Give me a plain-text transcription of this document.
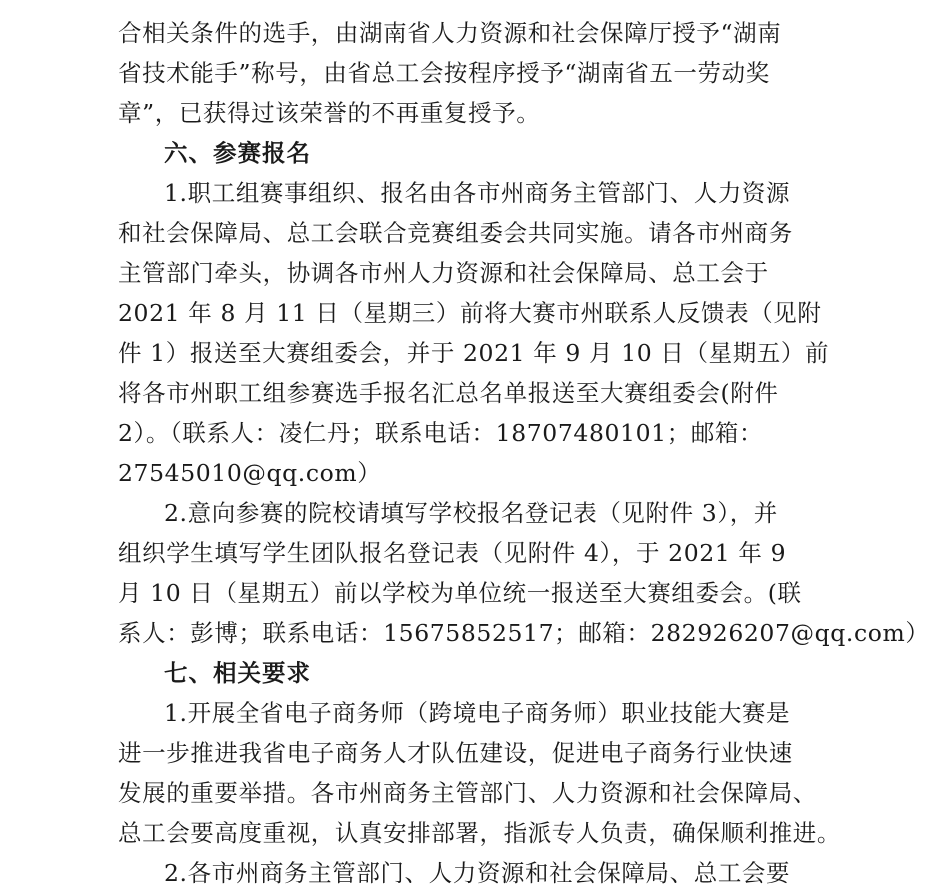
合相关条件的选手，由湖南省人力资源和社会保障厅授予“湖南
省技术能手”称号，由省总工会按程序授予“湖南省五一劳动奖
章”，已获得过该荣誉的不再重复授予。
六、参赛报名
1.职工组赛事组织、报名由各市州商务主管部门、人力资源
和社会保障局、总工会联合竞赛组委会共同实施。请各市州商务
主管部门牵头，协调各市州人力资源和社会保障局、总工会于
2021 年 8 月 11 日（星期三）前将大赛市州联系人反馈表（见附
件 1）报送至大赛组委会，并于 2021 年 9 月 10 日（星期五）前
将各市州职工组参赛选手报名汇总名单报送至大赛组委会(附件
2）。（联系人：凌仁丹；联系电话：18707480101；邮箱：
27545010@qq.com）
2.意向参赛的院校请填写学校报名登记表（见附件 3），并
组织学生填写学生团队报名登记表（见附件 4），于 2021 年 9
月 10 日（星期五）前以学校为单位统一报送至大赛组委会。(联
系人：彭博；联系电话：15675852517；邮箱：282926207@qq.com）
七、相关要求
1.开展全省电子商务师（跨境电子商务师）职业技能大赛是
进一步推进我省电子商务人才队伍建设，促进电子商务行业快速
发展的重要举措。各市州商务主管部门、人力资源和社会保障局、
总工会要高度重视，认真安排部署，指派专人负责，确保顺利推进。
2.各市州商务主管部门、人力资源和社会保障局、总工会要
